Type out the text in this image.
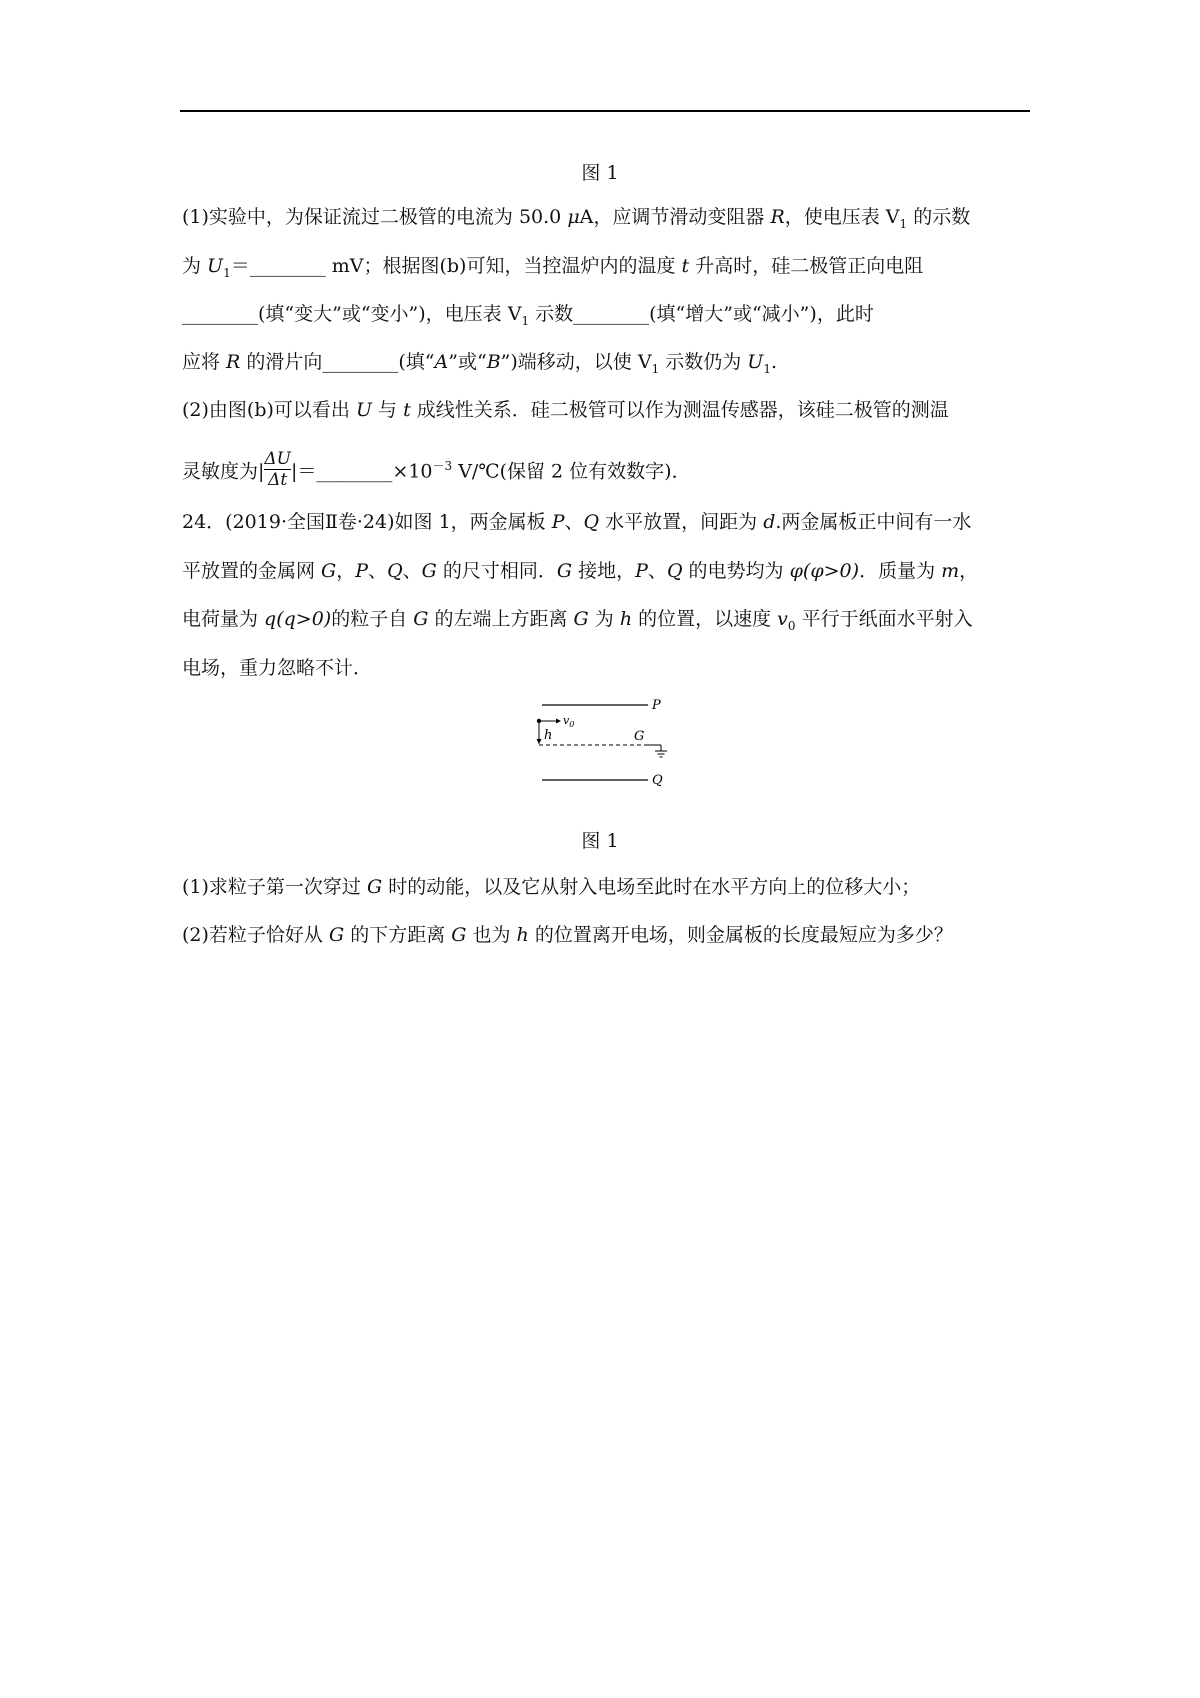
图 1
(1)实验中，为保证流过二极管的电流为 50.0 μA，应调节滑动变阻器 R，使电压表 $V_1$ 的示数
为 $U_1=\_\_\_\_\_\_\_\_$ mV；根据图(b)可知，当控温炉内的温度 t 升高时，硅二极管正向电阻
________(填“变大”或“变小”)，电压表 $V_1$ 示数________(填“增大”或“减小”)，此时
应将 R 的滑片向________(填“A”或“B”)端移动，以使 $V_1$ 示数仍为 $U_1$.
(2)由图(b)可以看出 U 与 t 成线性关系．硅二极管可以作为测温传感器，该硅二极管的测温
灵敏度为| $\frac{\Delta U}{\Delta t}$ $|=\_\_\_\_\_\_\_\_\times 10^{-3}$ V/℃(保留 2 位有效数字)．
24．(2019·全国Ⅱ卷·24)如图 1，两金属板 P、Q 水平放置，间距为 d.两金属板正中间有一水
平放置的金属网 G，P、Q、G 的尺寸相同．G 接地，P、Q 的电势均为 φ(φ>0)．质量为 m，
电荷量为 q(q>0)的粒子自 G 的左端上方距离 G 为 h 的位置，以速度 $v_0$ 平行于纸面水平射入
电场，重力忽略不计．
P
$v_0$
h	G
Q
图 1
(1)求粒子第一次穿过 G 时的动能，以及它从射入电场至此时在水平方向上的位移大小；
(2)若粒子恰好从 G 的下方距离 G 也为 h 的位置离开电场，则金属板的长度最短应为多少？
